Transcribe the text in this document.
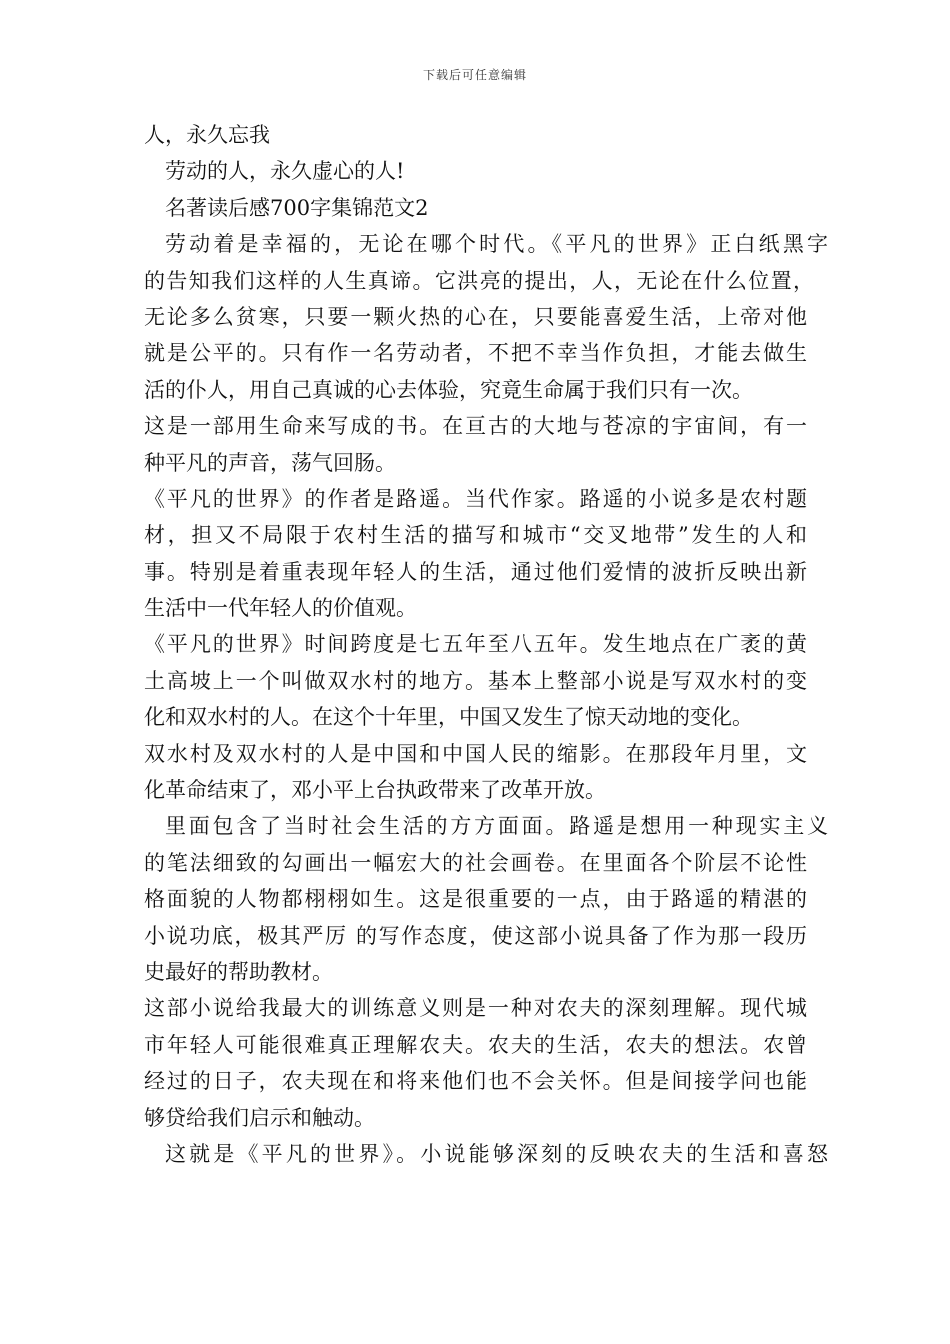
下载后可任意编辑
人，永久忘我
劳动的人，永久虚心的人!
名著读后感700字集锦范文2
劳动着是幸福的，无论在哪个时代。《平凡的世界》正白纸黑字
的告知我们这样的人生真谛。它洪亮的提出，人，无论在什么位置，
无论多么贫寒，只要一颗火热的心在，只要能喜爱生活，上帝对他
就是公平的。只有作一名劳动者，不把不幸当作负担，才能去做生
活的仆人，用自己真诚的心去体验，究竟生命属于我们只有一次。
这是一部用生命来写成的书。在亘古的大地与苍凉的宇宙间，有一
种平凡的声音，荡气回肠。
《平凡的世界》的作者是路遥。当代作家。路遥的小说多是农村题
材，担又不局限于农村生活的描写和城市“交叉地带”发生的人和
事。特别是着重表现年轻人的生活，通过他们爱情的波折反映出新
生活中一代年轻人的价值观。
《平凡的世界》时间跨度是七五年至八五年。发生地点在广袤的黄
土高坡上一个叫做双水村的地方。基本上整部小说是写双水村的变
化和双水村的人。在这个十年里，中国又发生了惊天动地的变化。
双水村及双水村的人是中国和中国人民的缩影。在那段年月里，文
化革命结束了，邓小平上台执政带来了改革开放。
里面包含了当时社会生活的方方面面。路遥是想用一种现实主义
的笔法细致的勾画出一幅宏大的社会画卷。在里面各个阶层不论性
格面貌的人物都栩栩如生。这是很重要的一点，由于路遥的精湛的
小说功底，极其严厉 的写作态度，使这部小说具备了作为那一段历
史最好的帮助教材。
这部小说给我最大的训练意义则是一种对农夫的深刻理解。现代城
市年轻人可能很难真正理解农夫。农夫的生活，农夫的想法。农曾
经过的日子，农夫现在和将来他们也不会关怀。但是间接学问也能
够贷给我们启示和触动。
这就是《平凡的世界》。小说能够深刻的反映农夫的生活和喜怒
